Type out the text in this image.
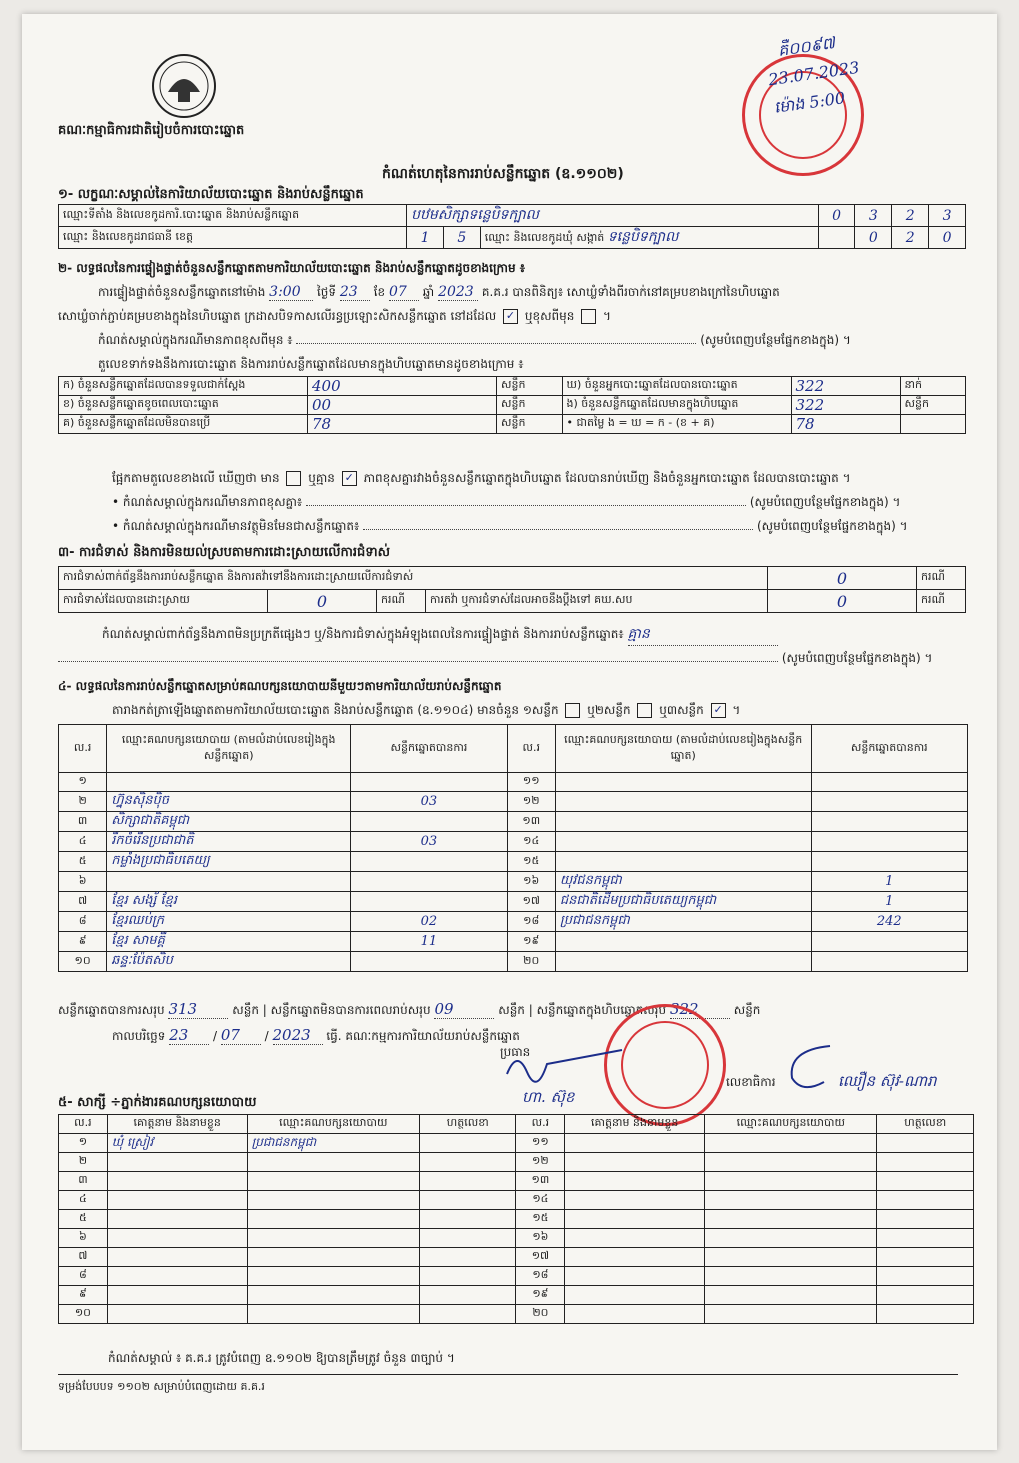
គណៈកម្មាធិការជាតិរៀបចំការបោះឆ្នោត
គឺ០០៩៧
23.07.2023
ម៉ោង 5:00
កំណត់ហេតុនៃការរាប់សន្លឹកឆ្នោត (ឧ.១១០២)
១- លក្ខណៈសម្គាល់នៃការិយាល័យបោះឆ្នោត និងរាប់សន្លឹកឆ្នោត
ឈ្មោះទីតាំង និងលេខកូដការិ.បោះឆ្នោត និងរាប់សន្លឹកឆ្នោត	បឋមសិក្សាទន្លេបិទក្បាល			0	3	2	3
ឈ្មោះ និងលេខកូដរាជធានី ខេត្ត	1	5	ឈ្មោះ និងលេខកូដឃុំ សង្កាត់ ទន្លេបិទក្បាល		0	2	0
២- លទ្ធផលនៃការផ្ទៀងផ្ទាត់ចំនួនសន្លឹកឆ្នោតតាមការិយាល័យបោះឆ្នោត និងរាប់សន្លឹកឆ្នោតដូចខាងក្រោម ៖
ការផ្ទៀងផ្ទាត់ចំនួនសន្លឹកឆ្នោតនៅម៉ោង 3:00 ថ្ងៃទី 23 ខែ 07 ឆ្នាំ 2023 គ.គ.រ បានពិនិត្យ៖ សោឃ្លំទាំងពីរចាក់នៅគម្របខាងក្រៅនៃហិបឆ្នោត
សោឃ្លំចាក់ភ្ជាប់គម្របខាងក្នុងនៃហិបឆ្នោត ក្រដាសបិទកាសលើរន្ធប្រឡោះសិកសន្លឹកឆ្នោត នៅដដែល ✓ ឬខុសពីមុន  ។
កំណត់សម្គាល់ក្នុងករណីមានភាពខុសពីមុន ៖	(សូមបំពេញបន្ថែមផ្នែកខាងក្នុង) ។
តួលេខទាក់ទងនឹងការបោះឆ្នោត និងការរាប់សន្លឹកឆ្នោតដែលមានក្នុងហិបឆ្នោតមានដូចខាងក្រោម ៖
ក) ចំនួនសន្លឹកឆ្នោតដែលបានទទួលជាក់ស្តែង	400	សន្លឹក	ឃ) ចំនួនអ្នកបោះឆ្នោតដែលបានបោះឆ្នោត	322	នាក់
ខ) ចំនួនសន្លឹកឆ្នោតខូចពេលបោះឆ្នោត	00	សន្លឹក	ង) ចំនួនសន្លឹកឆ្នោតដែលមានក្នុងហិបឆ្នោត	322	សន្លឹក
គ) ចំនួនសន្លឹកឆ្នោតដែលមិនបានប្រើ	78	សន្លឹក	• ជាតម្លៃ ង = ឃ = ក - (ខ + គ)	78	
ផ្អែកតាមតួលេខខាងលើ ឃើញថា មាន ឬគ្មាន ✓ ភាពខុសគ្នារវាងចំនួនសន្លឹកឆ្នោតក្នុងហិបឆ្នោត ដែលបានរាប់ឃើញ និងចំនួនអ្នកបោះឆ្នោត ដែលបានបោះឆ្នោត ។
• កំណត់សម្គាល់ក្នុងករណីមានភាពខុសគ្នា៖	(សូមបំពេញបន្ថែមផ្នែកខាងក្នុង) ។
• កំណត់សម្គាល់ក្នុងករណីមានវត្ថុមិនមែនជាសន្លឹកឆ្នោត៖	(សូមបំពេញបន្ថែមផ្នែកខាងក្នុង) ។
៣- ការជំទាស់ និងការមិនយល់ស្របតាមការដោះស្រាយលើការជំទាស់
ការជំទាស់ពាក់ព័ន្ធនឹងការរាប់សន្លឹកឆ្នោត និងការតវ៉ាទៅនឹងការដោះស្រាយលើការជំទាស់				0	ករណី
ការជំទាស់ដែលបានដោះស្រាយ	0	ករណី	ការតវ៉ា ឬការជំទាស់ដែលអាចនឹងប្តឹងទៅ គឃ.សប	0	ករណី
កំណត់សម្គាល់ពាក់ព័ន្ធនឹងភាពមិនប្រក្រតីផ្សេងៗ ឬ/និងការជំទាស់ក្នុងអំឡុងពេលនៃការផ្ទៀងផ្ទាត់ និងការរាប់សន្លឹកឆ្នោត៖ គ្មាន
(សូមបំពេញបន្ថែមផ្នែកខាងក្នុង) ។
៤- លទ្ធផលនៃការរាប់សន្លឹកឆ្នោតសម្រាប់គណបក្សនយោបាយនីមួយៗតាមការិយាល័យរាប់សន្លឹកឆ្នោត
តារាងកត់ត្រាឡើងឆ្នោតតាមការិយាល័យបោះឆ្នោត និងរាប់សន្លឹកឆ្នោត (ឧ.១១០៤) មានចំនួន ១សន្លឹក ឬ២សន្លឹក ឬ៣សន្លឹក ✓ ។
ល.រ	ឈ្មោះគណបក្សនយោបាយ (តាមលំដាប់លេខរៀងក្នុងសន្លឹកឆ្នោត)	សន្លឹកឆ្នោតបានការ	ល.រ	ឈ្មោះគណបក្សនយោបាយ (តាមលំដាប់លេខរៀងក្នុងសន្លឹកឆ្នោត)	សន្លឹកឆ្នោតបានការ
១			១១		
២	ហ្វ៊ុនស៊ិនប៉ិច	03	១២		
៣	សិក្សាជាតិគម្ពុជា		១៣		
៤	រីកចំរើនប្រជាជាតិ	03	១៤		
៥	កម្លាំងប្រជាធិបតេយ្យ		១៥		
៦			១៦	យុវជនកម្ពុជា	1
៧	ខ្មែរ សង្ស័ ខ្មែរ		១៧	ជនជាតិដើមប្រជាធិបតេយ្យកម្ពុជា	1
៨	ខ្មែរឈប់ក្រ	02	១៨	ប្រជាជនកម្ពុជា	242
៩	ខ្មែរ សាមគ្គី	11	១៩		
១០	ឆន្ទៈប៉ែតសិប		២០		
សន្លឹកឆ្នោតបានការសរុប 313	សន្លឹក | សន្លឹកឆ្នោតមិនបានការពេលរាប់សរុប 09	សន្លឹក | សន្លឹកឆ្នោតក្នុងហិបឆ្នោតសរុប 322	សន្លឹក
កាលបរិច្ឆេទ 23 / 07 / 2023 ធ្វើ. គណៈកម្មការការិយាល័យរាប់សន្លឹកឆ្នោត
ប្រធាន
ហា. ស៊ុខ
លេខាធិការ	ឈឿន ស៊ុវ-ណារា
៥- សាក្សី ÷ភ្នាក់ងារគណបក្សនយោបាយ
ល.រ	គោត្តនាម និងនាមខ្លួន	ឈ្មោះគណបក្សនយោបាយ	ហត្ថលេខា	ល.រ	គោត្តនាម និងនាមខ្លួន	ឈ្មោះគណបក្សនយោបាយ	ហត្ថលេខា
១	ឃុំ ស្រៀវ	ប្រជាជនកម្ពុជា		១១			
២				១២			
៣				១៣			
៤				១៤			
៥				១៥			
៦				១៦			
៧				១៧			
៨				១៨			
៩				១៩			
១០				២០			
កំណត់សម្គាល់ ៖ គ.គ.រ ត្រូវបំពេញ ឧ.១១០២ ឱ្យបានត្រឹមត្រូវ ចំនួន ៣ច្បាប់ ។
ទម្រង់បែបបទ ១១០២ សម្រាប់បំពេញដោយ គ.គ.រ
